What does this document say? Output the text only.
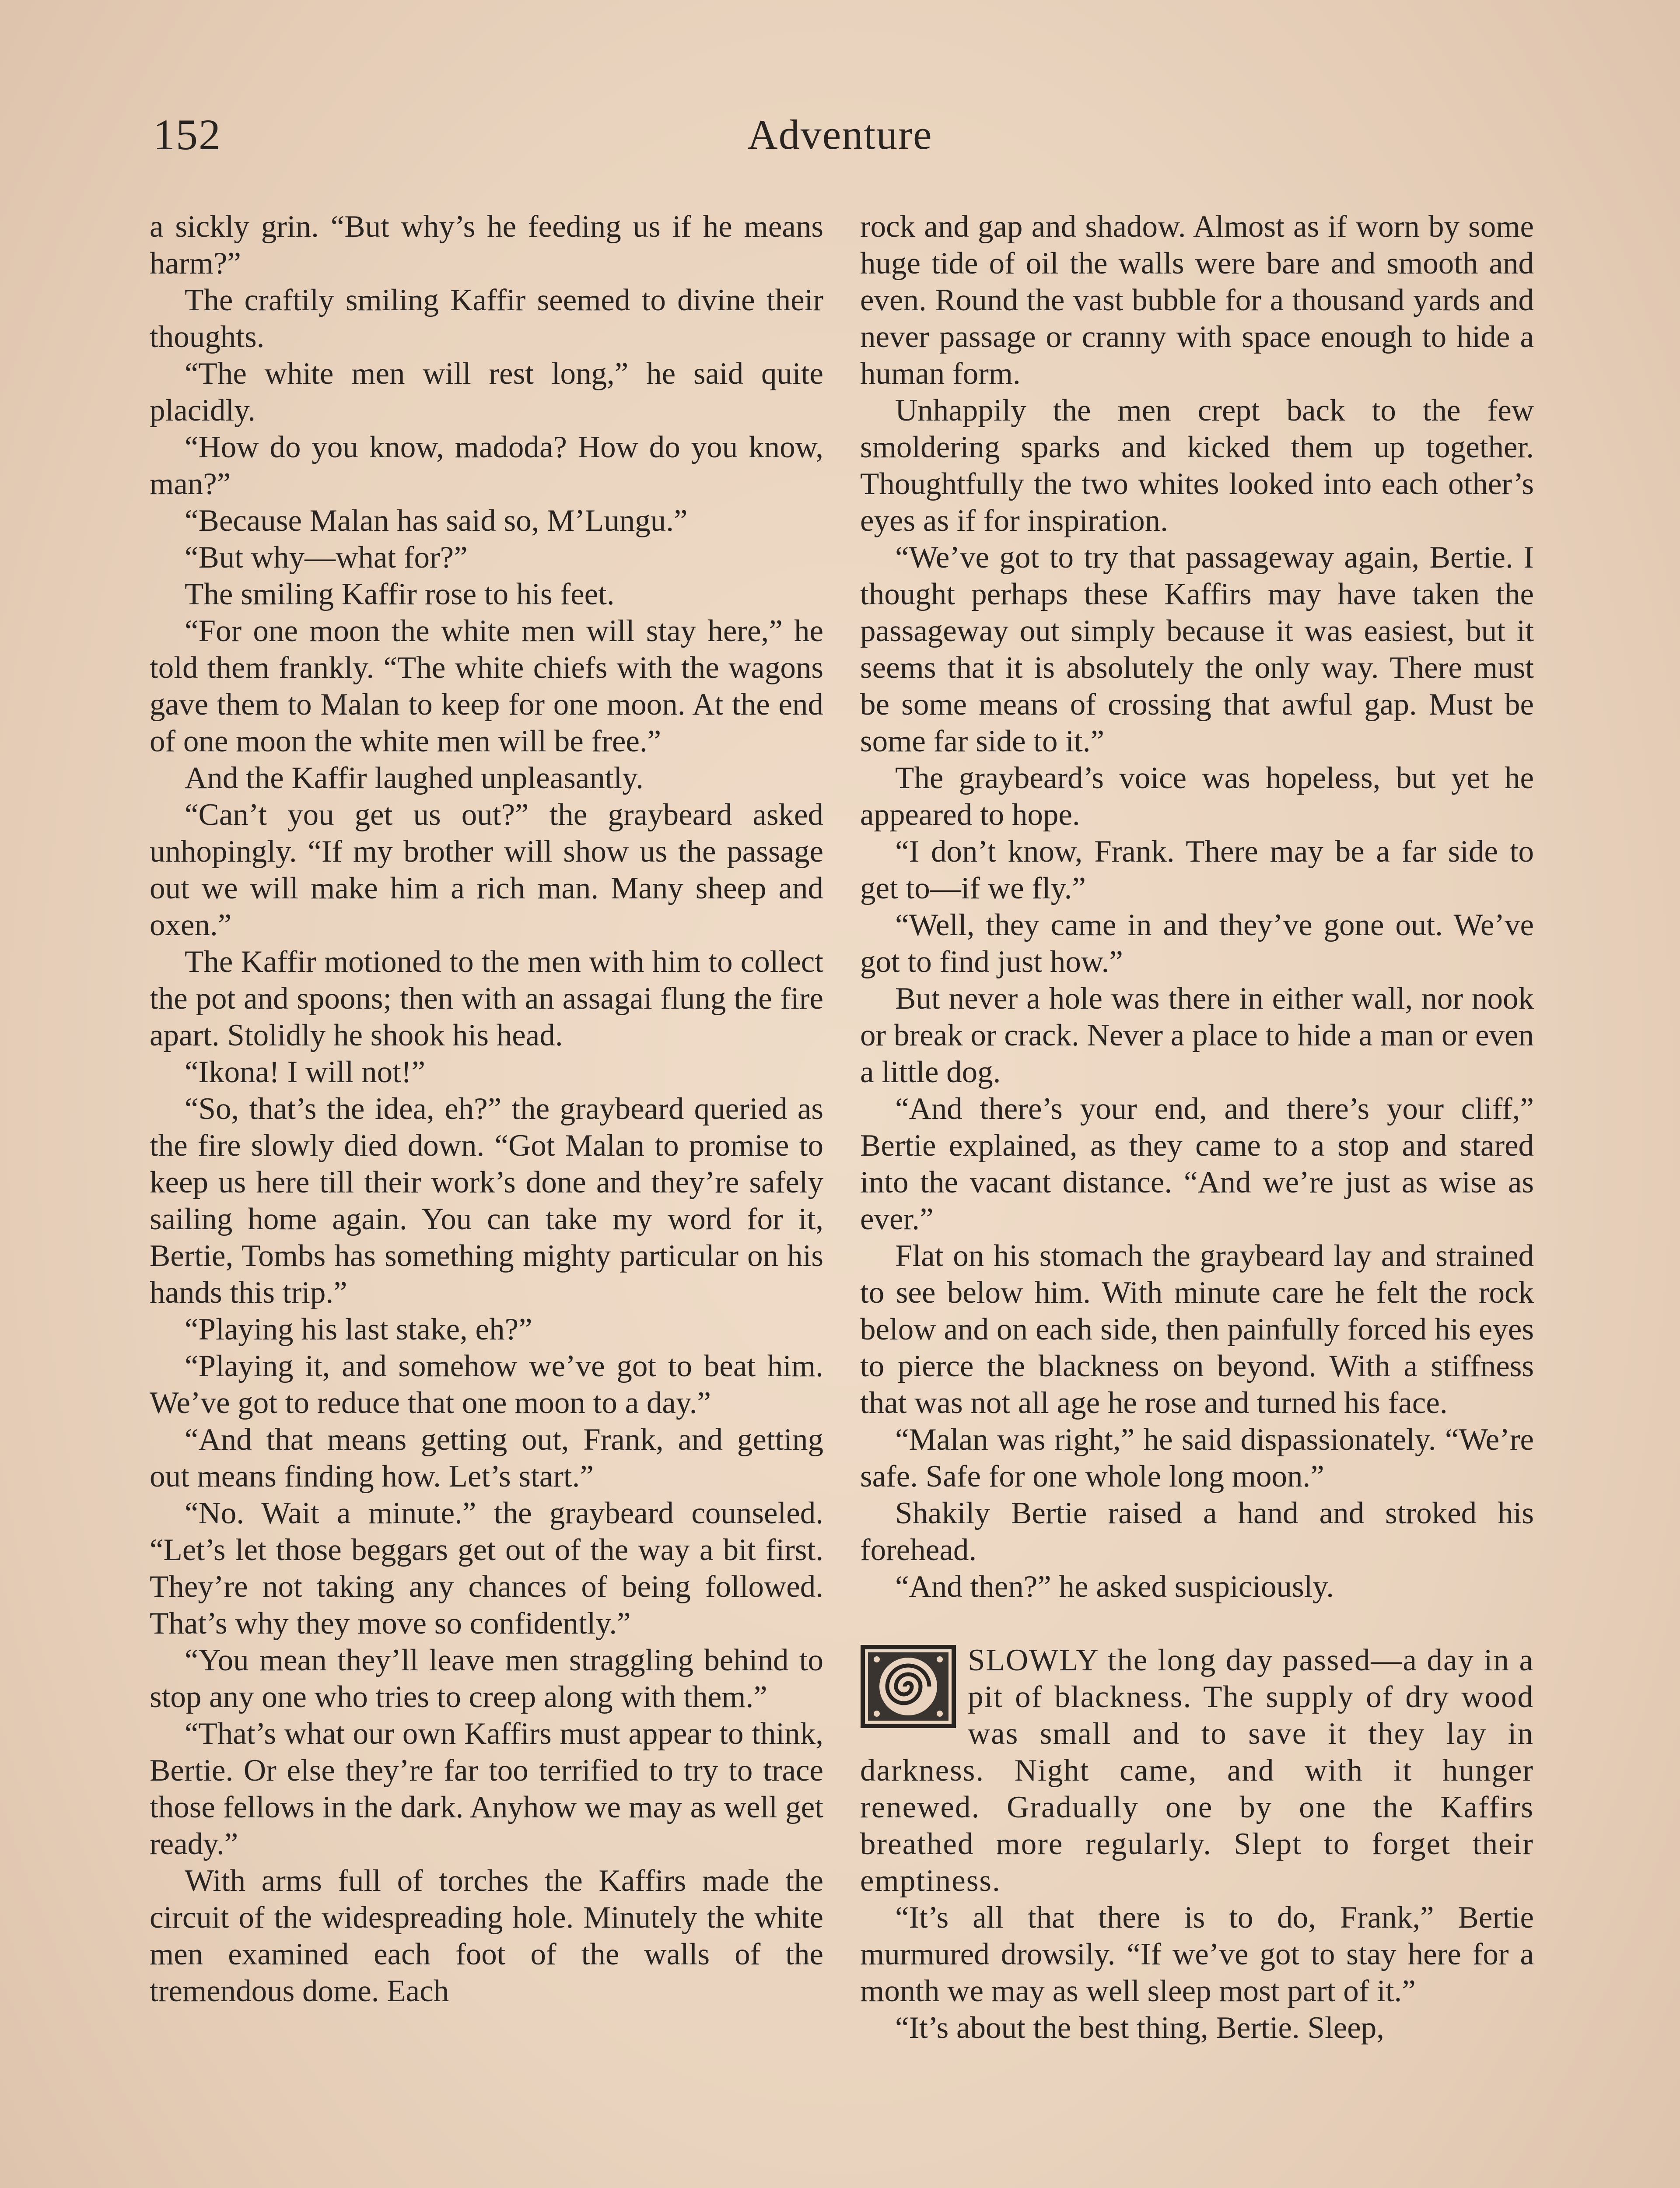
152	Adventure

a sickly grin. “But why’s he feeding us if he means harm?”

The craftily smiling Kaffir seemed to divine their thoughts.

“The white men will rest long,” he said quite placidly.

“How do you know, madoda? How do you know, man?”

“Because Malan has said so, M’Lungu.”

“But why—what for?”

The smiling Kaffir rose to his feet.

“For one moon the white men will stay here,” he told them frankly. “The white chiefs with the wagons gave them to Malan to keep for one moon. At the end of one moon the white men will be free.”

And the Kaffir laughed unpleasantly.

“Can’t you get us out?” the graybeard asked unhopingly. “If my brother will show us the passage out we will make him a rich man. Many sheep and oxen.”

The Kaffir motioned to the men with him to collect the pot and spoons; then with an assagai flung the fire apart. Stolidly he shook his head.

“Ikona! I will not!”

“So, that’s the idea, eh?” the graybeard queried as the fire slowly died down. “Got Malan to promise to keep us here till their work’s done and they’re safely sailing home again. You can take my word for it, Bertie, Tombs has something mighty particular on his hands this trip.”

“Playing his last stake, eh?”

“Playing it, and somehow we’ve got to beat him. We’ve got to reduce that one moon to a day.”

“And that means getting out, Frank, and getting out means finding how. Let’s start.”

“No. Wait a minute.” the graybeard counseled. “Let’s let those beggars get out of the way a bit first. They’re not taking any chances of being followed. That’s why they move so confidently.”

“You mean they’ll leave men straggling behind to stop any one who tries to creep along with them.”

“That’s what our own Kaffirs must appear to think, Bertie. Or else they’re far too terrified to try to trace those fellows in the dark. Anyhow we may as well get ready.”

With arms full of torches the Kaffirs made the circuit of the widespreading hole. Minutely the white men examined each foot of the walls of the tremendous dome. Each

rock and gap and shadow. Almost as if worn by some huge tide of oil the walls were bare and smooth and even. Round the vast bubble for a thousand yards and never passage or cranny with space enough to hide a human form.

Unhappily the men crept back to the few smoldering sparks and kicked them up together. Thoughtfully the two whites looked into each other’s eyes as if for inspiration.

“We’ve got to try that passageway again, Bertie. I thought perhaps these Kaffirs may have taken the passageway out simply because it was easiest, but it seems that it is absolutely the only way. There must be some means of crossing that awful gap. Must be some far side to it.”

The graybeard’s voice was hopeless, but yet he appeared to hope.

“I don’t know, Frank. There may be a far side to get to—if we fly.”

“Well, they came in and they’ve gone out. We’ve got to find just how.”

But never a hole was there in either wall, nor nook or break or crack. Never a place to hide a man or even a little dog.

“And there’s your end, and there’s your cliff,” Bertie explained, as they came to a stop and stared into the vacant distance. “And we’re just as wise as ever.”

Flat on his stomach the graybeard lay and strained to see below him. With minute care he felt the rock below and on each side, then painfully forced his eyes to pierce the blackness on beyond. With a stiffness that was not all age he rose and turned his face.

“Malan was right,” he said dispassionately. “We’re safe. Safe for one whole long moon.”

Shakily Bertie raised a hand and stroked his forehead.

“And then?” he asked suspiciously.

SLOWLY the long day passed—a day in a pit of blackness. The supply of dry wood was small and to save it they lay in darkness. Night came, and with it hunger renewed. Gradually one by one the Kaffirs breathed more regularly. Slept to forget their emptiness.

“It’s all that there is to do, Frank,” Bertie murmured drowsily. “If we’ve got to stay here for a month we may as well sleep most part of it.”

“It’s about the best thing, Bertie. Sleep,
